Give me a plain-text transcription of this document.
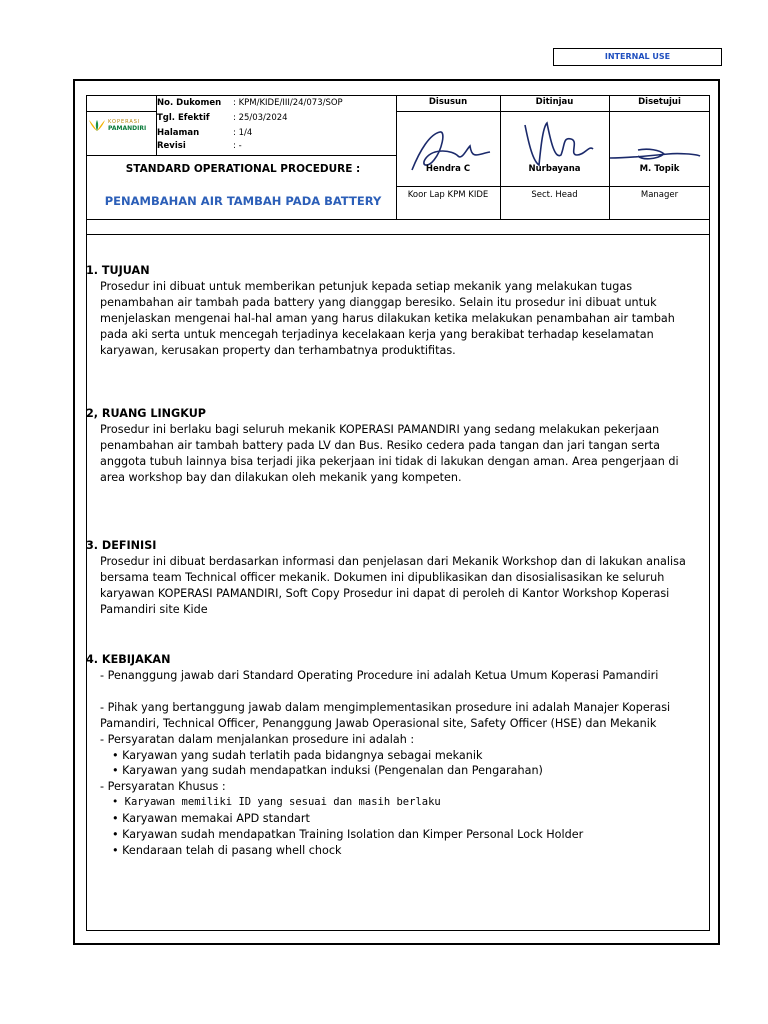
INTERNAL USE
KOPERASI
PAMANDIRI
No. Dukomen : KPM/KIDE/III/24/073/SOP
Tgl. Efektif	: 25/03/2024
Halaman	: 1/4
Revisi	: -
STANDARD OPERATIONAL PROCEDURE :
PENAMBAHAN AIR TAMBAH PADA BATTERY
Disusun	Ditinjau	Disetujui
Hendra C	Nurbayana	M. Topik
Koor Lap KPM KIDE	Sect. Head	Manager
1. TUJUAN
Prosedur ini dibuat untuk memberikan petunjuk kepada setiap mekanik yang melakukan tugas
penambahan air tambah pada battery yang dianggap beresiko. Selain itu prosedur ini dibuat untuk
menjelaskan mengenai hal-hal aman yang harus dilakukan ketika melakukan penambahan air tambah
pada aki serta untuk mencegah terjadinya kecelakaan kerja yang berakibat terhadap keselamatan
karyawan, kerusakan property dan terhambatnya produktifitas.
2, RUANG LINGKUP
Prosedur ini berlaku bagi seluruh mekanik KOPERASI PAMANDIRI yang sedang melakukan pekerjaan
penambahan air tambah battery pada LV dan Bus. Resiko cedera pada tangan dan jari tangan serta
anggota tubuh lainnya bisa terjadi jika pekerjaan ini tidak di lakukan dengan aman. Area pengerjaan di
area workshop bay dan dilakukan oleh mekanik yang kompeten.
3. DEFINISI
Prosedur ini dibuat berdasarkan informasi dan penjelasan dari Mekanik Workshop dan di lakukan analisa
bersama team Technical officer mekanik. Dokumen ini dipublikasikan dan disosialisasikan ke seluruh
karyawan KOPERASI PAMANDIRI, Soft Copy Prosedur ini dapat di peroleh di Kantor Workshop Koperasi
Pamandiri site Kide
4. KEBIJAKAN
- Penanggung jawab dari Standard Operating Procedure ini adalah Ketua Umum Koperasi Pamandiri
- Pihak yang bertanggung jawab dalam mengimplementasikan prosedure ini adalah Manajer Koperasi
Pamandiri, Technical Officer, Penanggung Jawab Operasional site, Safety Officer (HSE) dan Mekanik
- Persyaratan dalam menjalankan prosedure ini adalah :
• Karyawan yang sudah terlatih pada bidangnya sebagai mekanik
• Karyawan yang sudah mendapatkan induksi (Pengenalan dan Pengarahan)
- Persyaratan Khusus :
• Karyawan memiliki ID yang sesuai dan masih berlaku
• Karyawan memakai APD standart
• Karyawan sudah mendapatkan Training Isolation dan Kimper Personal Lock Holder
• Kendaraan telah di pasang whell chock
